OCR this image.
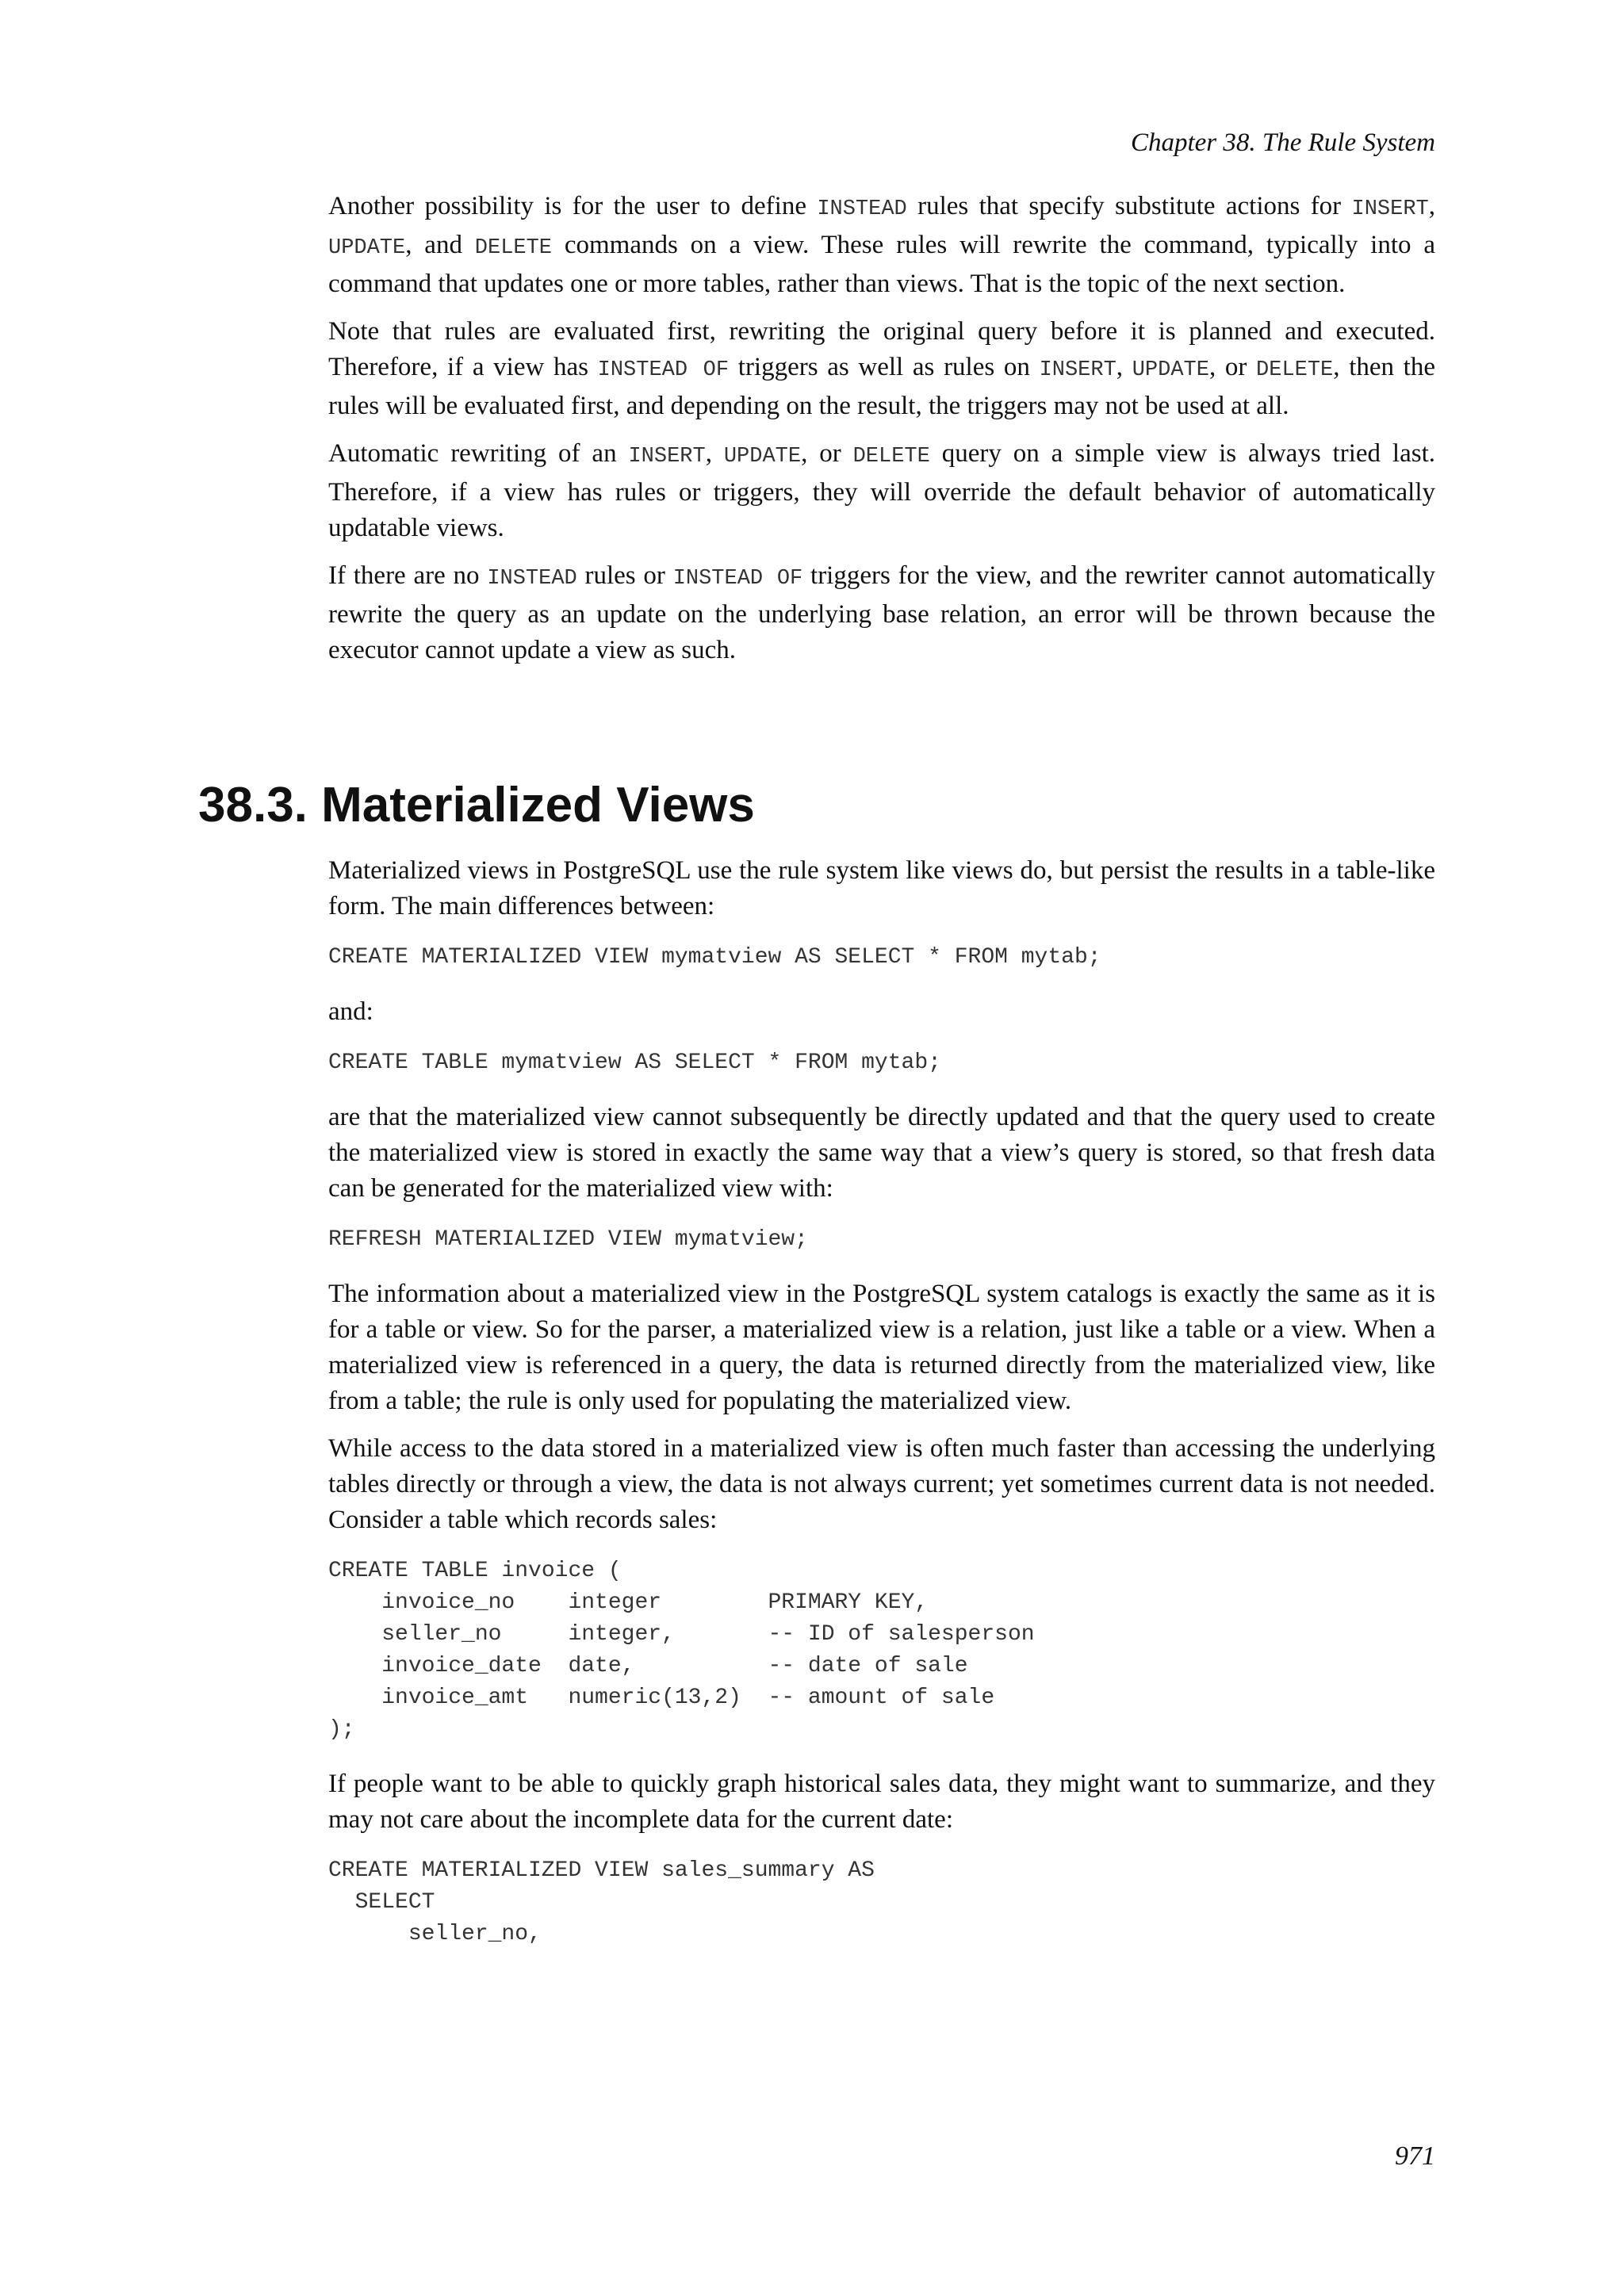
Chapter 38. The Rule System

Another possibility is for the user to define INSTEAD rules that specify substitute actions for INSERT, UPDATE, and DELETE commands on a view. These rules will rewrite the command, typically into a command that updates one or more tables, rather than views. That is the topic of the next section.

Note that rules are evaluated first, rewriting the original query before it is planned and executed. Therefore, if a view has INSTEAD OF triggers as well as rules on INSERT, UPDATE, or DELETE, then the rules will be evaluated first, and depending on the result, the triggers may not be used at all.

Automatic rewriting of an INSERT, UPDATE, or DELETE query on a simple view is always tried last. Therefore, if a view has rules or triggers, they will override the default behavior of automatically updatable views.

If there are no INSTEAD rules or INSTEAD OF triggers for the view, and the rewriter cannot automatically rewrite the query as an update on the underlying base relation, an error will be thrown because the executor cannot update a view as such.

38.3. Materialized Views

Materialized views in PostgreSQL use the rule system like views do, but persist the results in a table-like form. The main differences between:

CREATE MATERIALIZED VIEW mymatview AS SELECT * FROM mytab;

and:

CREATE TABLE mymatview AS SELECT * FROM mytab;

are that the materialized view cannot subsequently be directly updated and that the query used to create the materialized view is stored in exactly the same way that a view’s query is stored, so that fresh data can be generated for the materialized view with:

REFRESH MATERIALIZED VIEW mymatview;

The information about a materialized view in the PostgreSQL system catalogs is exactly the same as it is for a table or view. So for the parser, a materialized view is a relation, just like a table or a view. When a materialized view is referenced in a query, the data is returned directly from the materialized view, like from a table; the rule is only used for populating the materialized view.

While access to the data stored in a materialized view is often much faster than accessing the underlying tables directly or through a view, the data is not always current; yet sometimes current data is not needed. Consider a table which records sales:

CREATE TABLE invoice (
invoice_no    integer        PRIMARY KEY,
seller_no     integer,       -- ID of salesperson
invoice_date  date,          -- date of sale
invoice_amt   numeric(13,2)  -- amount of sale
);

If people want to be able to quickly graph historical sales data, they might want to summarize, and they may not care about the incomplete data for the current date:

CREATE MATERIALIZED VIEW sales_summary AS
SELECT
seller_no,
971
